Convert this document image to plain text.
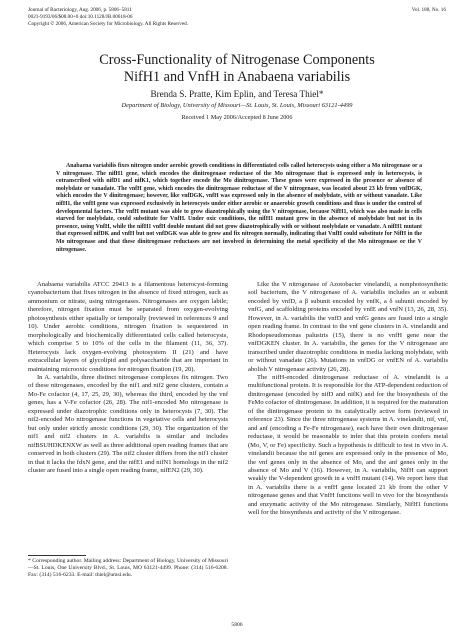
Journal of Bacteriology, Aug. 2006, p. 5806–5811
0021-9193/06/$08.00+0 doi:10.1128/JB.00618-06
Copyright © 2006, American Society for Microbiology. All Rights Reserved.
Vol. 188, No. 16
Cross-Functionality of Nitrogenase Components
NifH1 and VnfH in Anabaena variabilis
Brenda S. Pratte, Kim Eplin, and Teresa Thiel*
Department of Biology, University of Missouri—St. Louis, St. Louis, Missouri 63121-4499
Received 1 May 2006/Accepted 8 June 2006

Anabaena variabilis fixes nitrogen under aerobic growth conditions in differentiated cells called heterocysts using either a Mo nitrogenase or a V nitrogenase. The nifH1 gene, which encodes the dinitrogenase reductase of the Mo nitrogenase that is expressed only in heterocysts, is cotranscribed with nifD1 and nifK1, which together encode the Mo dinitrogenase. These genes were expressed in the presence or absence of molybdate or vanadate. The vnfH gene, which encodes the dinitrogenase reductase of the V nitrogenase, was located about 23 kb from vnfDGK, which encodes the V dinitrogenase; however, like vnfDGK, vnfH was expressed only in the absence of molybdate, with or without vanadate. Like nifH1, the vnfH gene was expressed exclusively in heterocysts under either aerobic or anaerobic growth conditions and thus is under the control of developmental factors. The vnfH mutant was able to grow diazotrophically using the V nitrogenase, because NifH1, which was also made in cells starved for molybdate, could substitute for VnfH. Under oxic conditions, the nifH1 mutant grew in the absence of molybdate but not in its presence, using VnfH, while the nifH1 vnfH double mutant did not grow diazotrophically with or without molybdate or vanadate. A nifH1 mutant that expressed nifDK and vnfH but not vnfDGK was able to grow and fix nitrogen normally, indicating that VnfH could substitute for NifH in the Mo nitrogenase and that these dinitrogenase reductases are not involved in determining the metal specificity of the Mo nitrogenase or the V nitrogenase.

Anabaena variabilis ATCC 29413 is a filamentous heterocyst-forming cyanobacterium that fixes nitrogen in the absence of fixed nitrogen, such as ammonium or nitrate, using nitrogenases. Nitrogenases are oxygen labile; therefore, nitrogen fixation must be separated from oxygen-evolving photosynthesis either spatially or temporally (reviewed in references 9 and 10). Under aerobic conditions, nitrogen fixation is sequestered in morphologically and biochemically differentiated cells called heterocysts, which comprise 5 to 10% of the cells in the filament (11, 36, 37). Heterocysts lack oxygen-evolving photosystem II (21) and have extracellular layers of glycolipid and polysaccharide that are important in maintaining microoxic conditions for nitrogen fixation (19, 20).

In A. variabilis, three distinct nitrogenase complexes fix nitrogen. Two of these nitrogenases, encoded by the nif1 and nif2 gene clusters, contain a Mo-Fe cofactor (4, 17, 25, 29, 30), whereas the third, encoded by the vnf genes, has a V-Fe cofactor (26, 28). The nif1-encoded Mo nitrogenase is expressed under diazotrophic conditions only in heterocysts (7, 30). The nif2-encoded Mo nitrogenase functions in vegetative cells and heterocysts but only under strictly anoxic conditions (29, 30). The organization of the nif1 and nif2 clusters in A. variabilis is similar and includes nifBSUHDKENXW as well as three additional open reading frames that are conserved in both clusters (29). The nif2 cluster differs from the nif1 cluster in that it lacks the fdxN gene, and the nifE1 and nifN1 homologs in the nif2 cluster are fused into a single open reading frame, nifEN2 (29, 30).

Like the V nitrogenase of Azotobacter vinelandii, a nonphotosynthetic soil bacterium, the V nitrogenase of A. variabilis includes an α subunit encoded by vnfD, a β subunit encoded by vnfK, a δ subunit encoded by vnfG, and scaffolding proteins encoded by vnfE and vnfN (13, 26, 28, 35). However, in A. variabilis the vnfD and vnfG genes are fused into a single open reading frame. In contrast to the vnf gene clusters in A. vinelandii and Rhodopseudomonas palustris (15), there is no vnfH gene near the vnfDGKEN cluster. In A. variabilis, the genes for the V nitrogenase are transcribed under diazotrophic conditions in media lacking molybdate, with or without vanadate (26). Mutations in vnfDG or vnfEN of A. variabilis abolish V nitrogenase activity (26, 28).

The nifH-encoded dinitrogenase reductase of A. vinelandii is a multifunctional protein. It is responsible for the ATP-dependent reduction of dinitrogenase (encoded by nifD and nifK) and for the biosynthesis of the FeMo cofactor of dinitrogenase. In addition, it is required for the maturation of the dinitrogenase protein to its catalytically active form (reviewed in reference 23). Since the three nitrogenase systems in A. vinelandii, nif, vnf, and anf (encoding a Fe-Fe nitrogenase), each have their own dinitrogenase reductase, it would be reasonable to infer that this protein confers metal (Mo, V, or Fe) specificity. Such a hypothesis is difficult to test in vivo in A. vinelandii because the nif genes are expressed only in the presence of Mo, the vnf genes only in the absence of Mo, and the anf genes only in the absence of Mo and V (16). However, in A. variabilis, NifH can support weakly the V-dependent growth in a vnfH mutant (14). We report here that in A. variabilis there is a vnfH gene located 21 kb from the other V nitrogenase genes and that VnfH functions well in vivo for the biosynthesis and enzymatic activity of the Mo nitrogenase. Similarly, NifH1 functions well for the biosynthesis and activity of the V nitrogenase.

* Corresponding author. Mailing address: Department of Biology, University of Missouri—St. Louis, One University Blvd., St. Louis, MO 63121-4499. Phone: (314) 516-6208. Fax: (314) 516-6233. E-mail: thiel@umsl.edu.
5806
